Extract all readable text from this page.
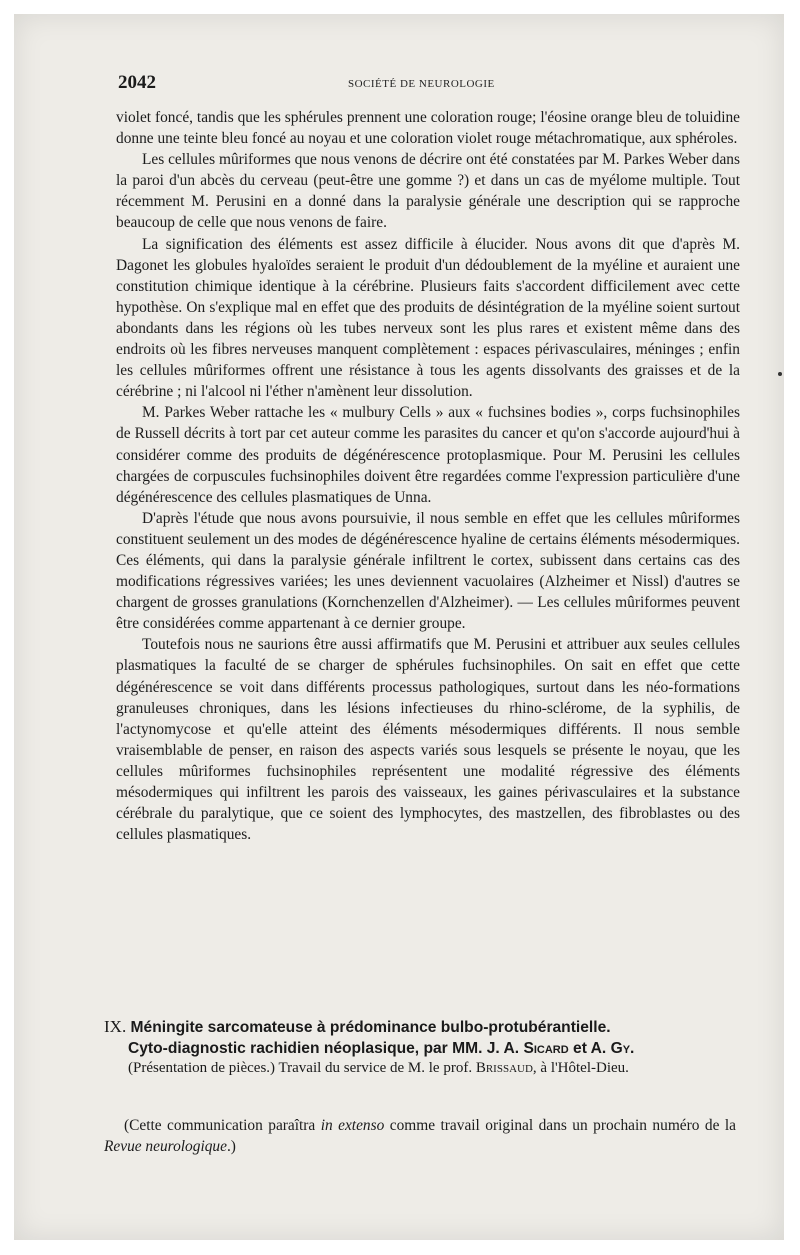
2042	SOCIÉTÉ DE NEUROLOGIE

violet foncé, tandis que les sphérules prennent une coloration rouge; l'éosine orange bleu de toluidine donne une teinte bleu foncé au noyau et une coloration violet rouge métachromatique, aux sphéroles.

Les cellules mûriformes que nous venons de décrire ont été constatées par M. Parkes Weber dans la paroi d'un abcès du cerveau (peut-être une gomme ?) et dans un cas de myélome multiple. Tout récemment M. Perusini en a donné dans la paralysie générale une description qui se rapproche beaucoup de celle que nous venons de faire.

La signification des éléments est assez difficile à élucider. Nous avons dit que d'après M. Dagonet les globules hyaloïdes seraient le produit d'un dédoublement de la myéline et auraient une constitution chimique identique à la cérébrine. Plusieurs faits s'accordent difficilement avec cette hypothèse. On s'explique mal en effet que des produits de désintégration de la myéline soient surtout abondants dans les régions où les tubes nerveux sont les plus rares et existent même dans des endroits où les fibres nerveuses manquent complètement : espaces périvasculaires, méninges ; enfin les cellules mûriformes offrent une résistance à tous les agents dissolvants des graisses et de la cérébrine ; ni l'alcool ni l'éther n'amènent leur dissolution.

M. Parkes Weber rattache les « mulbury Cells » aux « fuchsines bodies », corps fuchsinophiles de Russell décrits à tort par cet auteur comme les parasites du cancer et qu'on s'accorde aujourd'hui à considérer comme des produits de dégénérescence protoplasmique. Pour M. Perusini les cellules chargées de corpuscules fuchsinophiles doivent être regardées comme l'expression particulière d'une dégénérescence des cellules plasmatiques de Unna.

D'après l'étude que nous avons poursuivie, il nous semble en effet que les cellules mûriformes constituent seulement un des modes de dégénérescence hyaline de certains éléments mésodermiques. Ces éléments, qui dans la paralysie générale infiltrent le cortex, subissent dans certains cas des modifications régressives variées; les unes deviennent vacuolaires (Alzheimer et Nissl) d'autres se chargent de grosses granulations (Kornchenzellen d'Alzheimer). — Les cellules mûriformes peuvent être considérées comme appartenant à ce dernier groupe.

Toutefois nous ne saurions être aussi affirmatifs que M. Perusini et attribuer aux seules cellules plasmatiques la faculté de se charger de sphérules fuchsinophiles. On sait en effet que cette dégénérescence se voit dans différents processus pathologiques, surtout dans les néo-formations granuleuses chroniques, dans les lésions infectieuses du rhino-sclérome, de la syphilis, de l'actynomycose et qu'elle atteint des éléments mésodermiques différents. Il nous semble vraisemblable de penser, en raison des aspects variés sous lesquels se présente le noyau, que les cellules mûriformes fuchsinophiles représentent une modalité régressive des éléments mésodermiques qui infiltrent les parois des vaisseaux, les gaines périvasculaires et la substance cérébrale du paralytique, que ce soient des lymphocytes, des mastzellen, des fibroblastes ou des cellules plasmatiques.

IX. Méningite sarcomateuse à prédominance bulbo-protubérantielle.
Cyto-diagnostic rachidien néoplasique, par MM. J. A. Sicard et A. Gy.
(Présentation de pièces.) Travail du service de M. le prof. Brissaud, à l'Hôtel-Dieu.

(Cette communication paraîtra in extenso comme travail original dans un prochain numéro de la Revue neurologique.)
